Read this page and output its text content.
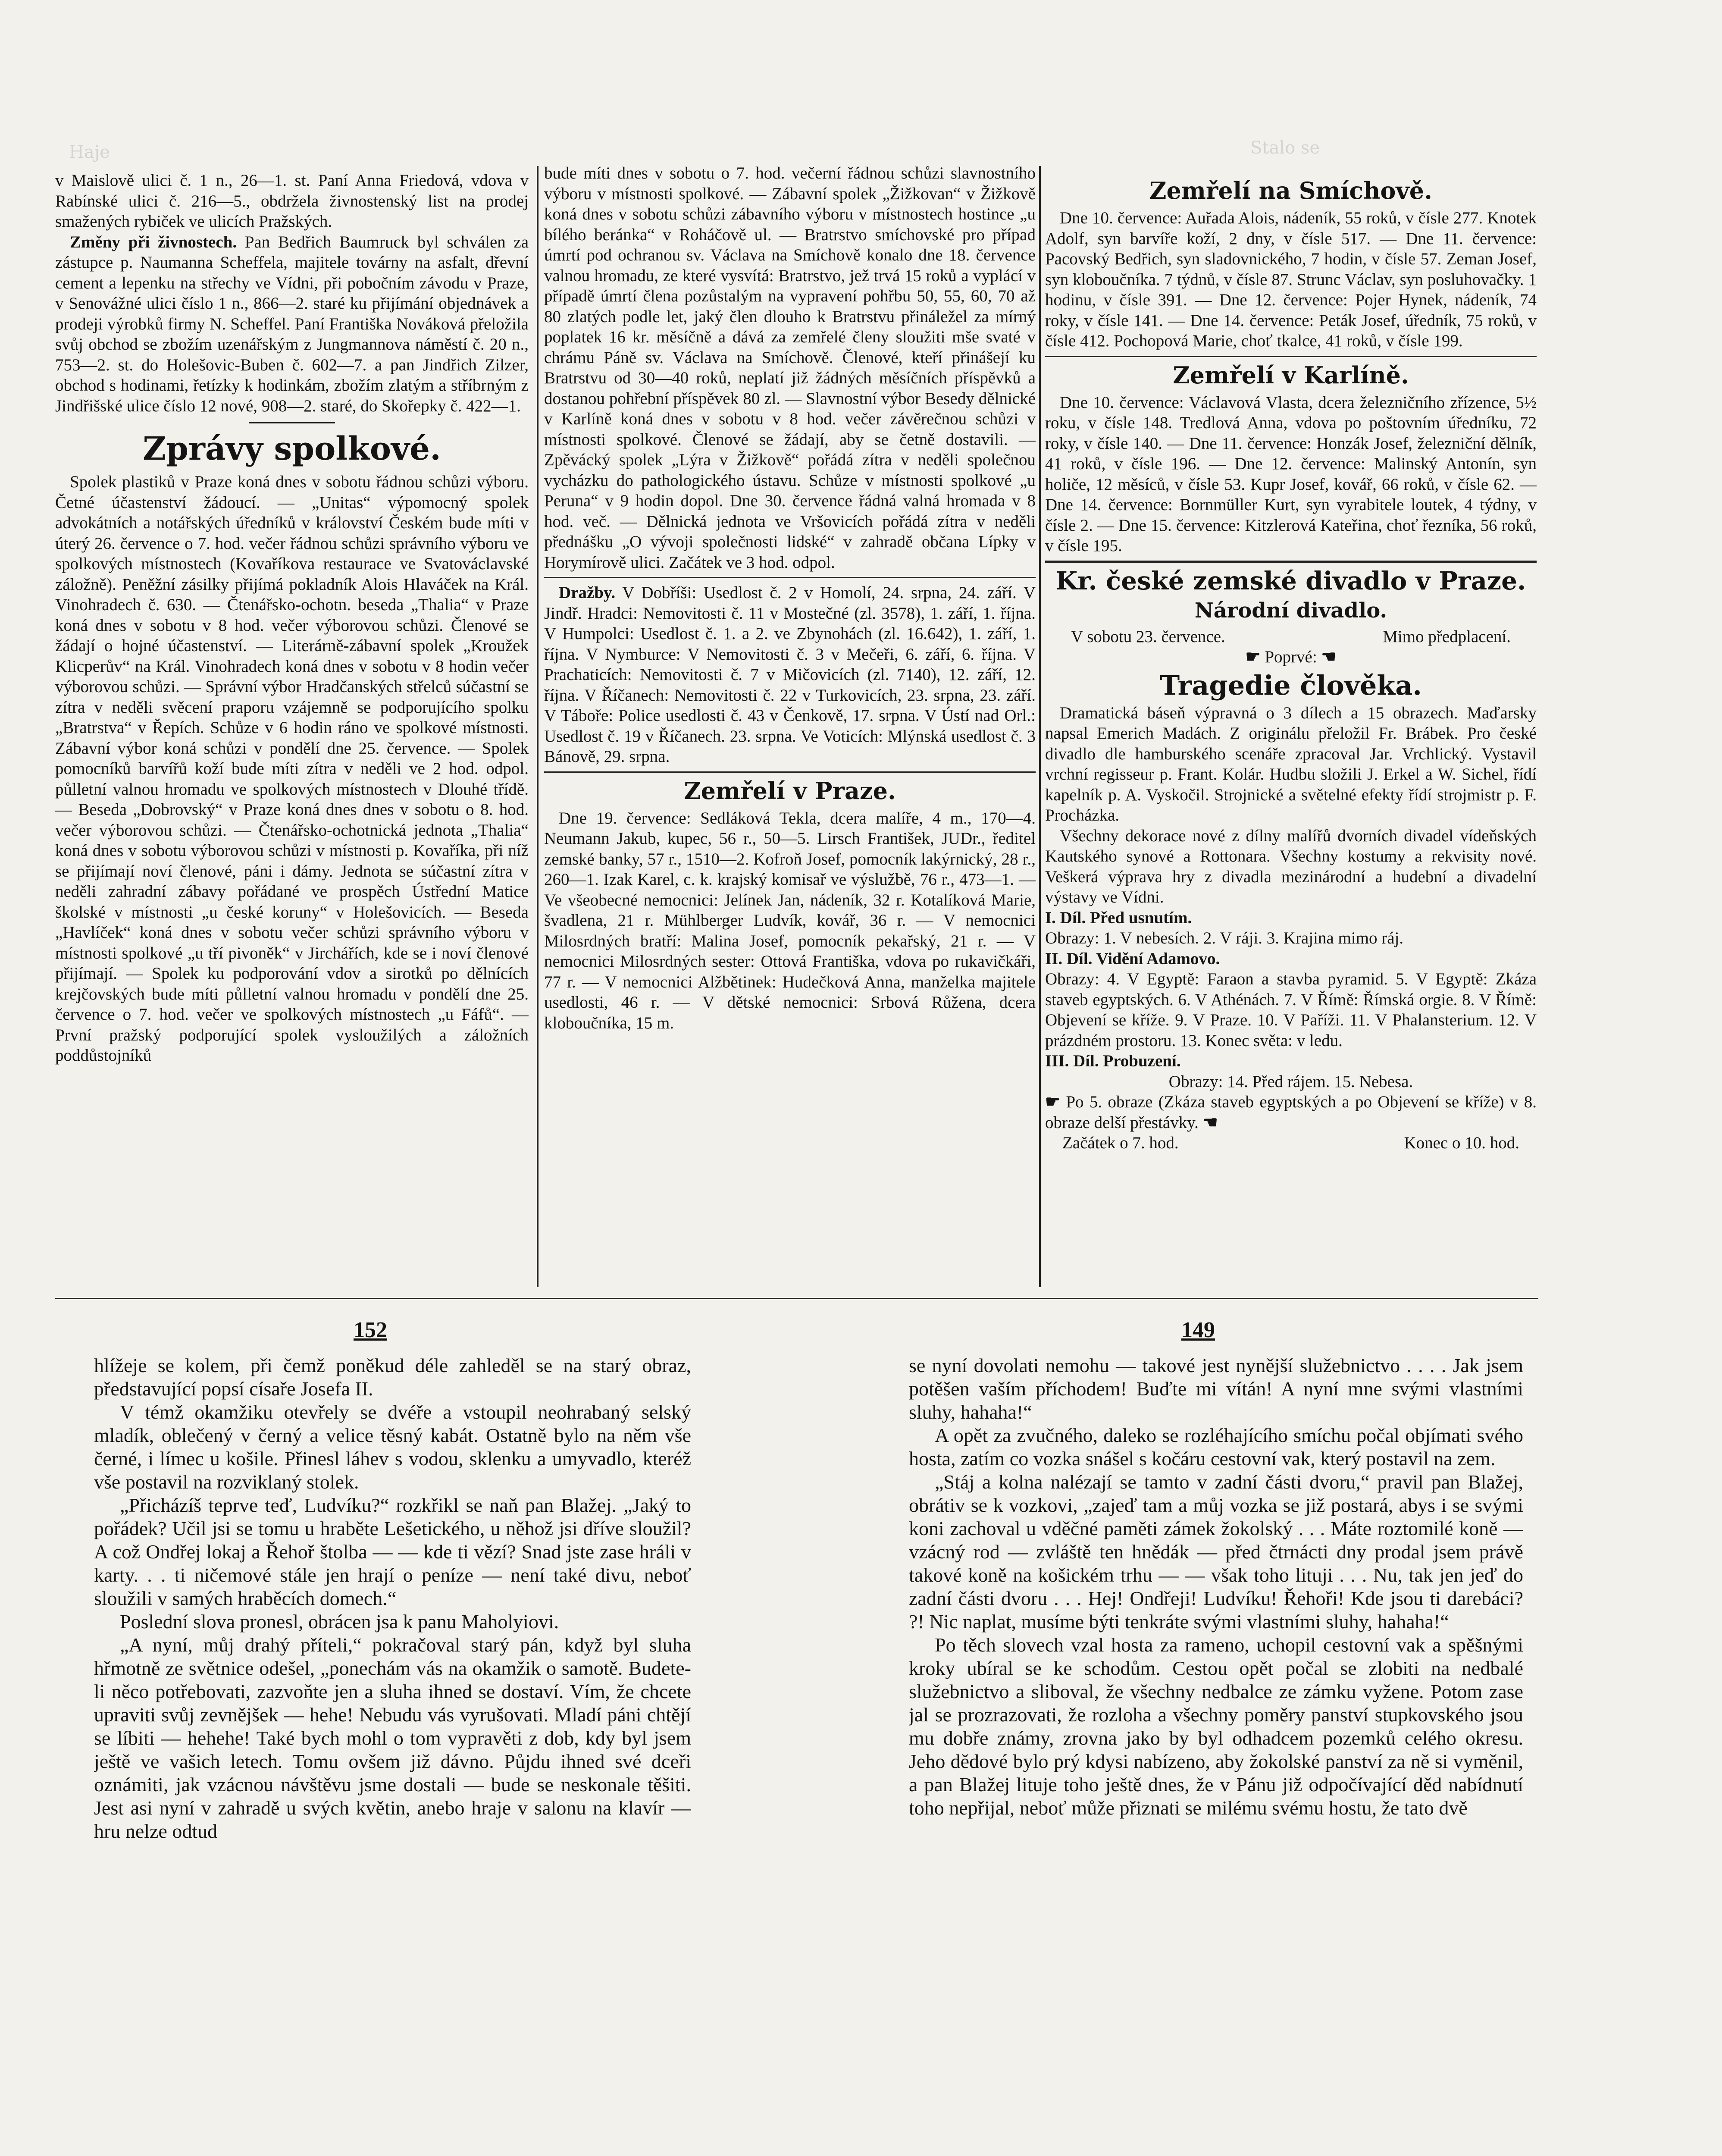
Haje	Stalo se

v Maislově ulici č. 1 n., 26—1. st. Paní Anna Friedová, vdova v Rabínské ulici č. 216—5., obdržela živnostenský list na prodej smažených rybiček ve ulicích Pražských.

Změny při živnostech. Pan Bedřich Baumruck byl schválen za zástupce p. Naumanna Scheffela, majitele továrny na asfalt, dřevní cement a lepenku na střechy ve Vídni, při pobočním závodu v Praze, v Senovážné ulici číslo 1 n., 866—2. staré ku přijímání objednávek a prodeji výrobků firmy N. Scheffel. Paní Františka Nováková přeložila svůj obchod se zbožím uzenářským z Jungmannova náměstí č. 20 n., 753—2. st. do Holešovic-Buben č. 602—7. a pan Jindřich Zilzer, obchod s hodinami, řetízky k hodinkám, zbožím zlatým a stříbrným z Jindřišské ulice číslo 12 nové, 908—2. staré, do Skořepky č. 422—1.

Zprávy spolkové.

Spolek plastiků v Praze koná dnes v sobotu řádnou schůzi výboru. Četné účastenství žádoucí. — „Unitas“ výpomocný spolek advokátních a notářských úředníků v království Českém bude míti v úterý 26. července o 7. hod. večer řádnou schůzi správního výboru ve spolkových místnostech (Kovaříkova restaurace ve Svatováclavské záložně). Peněžní zásilky přijímá pokladník Alois Hlaváček na Král. Vinohradech č. 630. — Čtenářsko-ochotn. beseda „Thalia“ v Praze koná dnes v sobotu v 8 hod. večer výborovou schůzi. Členové se žádají o hojné účastenství. — Literárně-zábavní spolek „Kroužek Klicperův“ na Král. Vinohradech koná dnes v sobotu v 8 hodin večer výborovou schůzi. — Správní výbor Hradčanských střelců súčastní se zítra v neděli svěcení praporu vzájemně se podporujícího spolku „Bratrstva“ v Řepích. Schůze v 6 hodin ráno ve spolkové místnosti. Zábavní výbor koná schůzi v pondělí dne 25. července. — Spolek pomocníků barvířů koží bude míti zítra v neděli ve 2 hod. odpol. půlletní valnou hromadu ve spolkových místnostech v Dlouhé třídě. — Beseda „Dobrovský“ v Praze koná dnes dnes v sobotu o 8. hod. večer výborovou schůzi. — Čtenářsko-ochotnická jednota „Thalia“ koná dnes v sobotu výborovou schůzi v místnosti p. Kovaříka, při níž se přijímají noví členové, páni i dámy. Jednota se súčastní zítra v neděli zahradní zábavy pořádané ve prospěch Ústřední Matice školské v místnosti „u české koruny“ v Holešovicích. — Beseda „Havlíček“ koná dnes v sobotu večer schůzi správního výboru v místnosti spolkové „u tří pivoněk“ v Jirchářích, kde se i noví členové přijímají. — Spolek ku podporování vdov a sirotků po dělnících krejčovských bude míti půlletní valnou hromadu v pondělí dne 25. července o 7. hod. večer ve spolkových místnostech „u Fáfů“. — První pražský podporující spolek vysloužilých a záložních poddůstojníků

bude míti dnes v sobotu o 7. hod. večerní řádnou schůzi slavnostního výboru v místnosti spolkové. — Zábavní spolek „Žižkovan“ v Žižkově koná dnes v sobotu schůzi zábavního výboru v místnostech hostince „u bílého beránka“ v Roháčově ul. — Bratrstvo smíchovské pro případ úmrtí pod ochranou sv. Václava na Smíchově konalo dne 18. července valnou hromadu, ze které vysvítá: Bratrstvo, jež trvá 15 roků a vyplácí v případě úmrtí člena pozůstalým na vypravení pohřbu 50, 55, 60, 70 až 80 zlatých podle let, jaký člen dlouho k Bratrstvu přináležel za mírný poplatek 16 kr. měsíčně a dává za zemřelé členy sloužiti mše svaté v chrámu Páně sv. Václava na Smíchově. Členové, kteří přinášejí ku Bratrstvu od 30—40 roků, neplatí již žádných měsíčních příspěvků a dostanou pohřební příspěvek 80 zl. — Slavnostní výbor Besedy dělnické v Karlíně koná dnes v sobotu v 8 hod. večer závěrečnou schůzi v místnosti spolkové. Členové se žádají, aby se četně dostavili. — Zpěvácký spolek „Lýra v Žižkově“ pořádá zítra v neděli společnou vycházku do pathologického ústavu. Schůze v místnosti spolkové „u Peruna“ v 9 hodin dopol. Dne 30. července řádná valná hromada v 8 hod. več. — Dělnická jednota ve Vršovicích pořádá zítra v neděli přednášku „O vývoji společnosti lidské“ v zahradě občana Lípky v Horymírově ulici. Začátek ve 3 hod. odpol.

Dražby. V Dobříši: Usedlost č. 2 v Homolí, 24. srpna, 24. září. V Jindř. Hradci: Nemovitosti č. 11 v Mostečné (zl. 3578), 1. září, 1. října. V Humpolci: Usedlost č. 1. a 2. ve Zbynohách (zl. 16.642), 1. září, 1. října. V Nymburce: V Nemovitosti č. 3 v Mečeři, 6. září, 6. října. V Prachaticích: Nemovitosti č. 7 v Mičovicích (zl. 7140), 12. září, 12. října. V Říčanech: Nemovitosti č. 22 v Turkovicích, 23. srpna, 23. září. V Táboře: Police usedlosti č. 43 v Čenkově, 17. srpna. V Ústí nad Orl.: Usedlost č. 19 v Říčanech. 23. srpna. Ve Voticích: Mlýnská usedlost č. 3 Bánově, 29. srpna.

Zemřelí v Praze.

Dne 19. července: Sedláková Tekla, dcera malíře, 4 m., 170—4. Neumann Jakub, kupec, 56 r., 50—5. Lirsch František, JUDr., ředitel zemské banky, 57 r., 1510—2. Kofroň Josef, pomocník lakýrnický, 28 r., 260—1. Izak Karel, c. k. krajský komisař ve výslužbě, 76 r., 473—1. — Ve všeobecné nemocnici: Jelínek Jan, nádeník, 32 r. Kotalíková Marie, švadlena, 21 r. Mühlberger Ludvík, kovář, 36 r. — V nemocnici Milosrdných bratří: Malina Josef, pomocník pekařský, 21 r. — V nemocnici Milosrdných sester: Ottová Františka, vdova po rukavičkáři, 77 r. — V nemocnici Alžbětinek: Hudečková Anna, manželka majitele usedlosti, 46 r. — V dětské nemocnici: Srbová Růžena, dcera kloboučníka, 15 m.

Zemřelí na Smíchově.

Dne 10. července: Auřada Alois, nádeník, 55 roků, v čísle 277. Knotek Adolf, syn barvíře koží, 2 dny, v čísle 517. — Dne 11. července: Pacovský Bedřich, syn sladovnického, 7 hodin, v čísle 57. Zeman Josef, syn kloboučníka. 7 týdnů, v čísle 87. Strunc Václav, syn posluhovačky. 1 hodinu, v čísle 391. — Dne 12. července: Pojer Hynek, nádeník, 74 roky, v čísle 141. — Dne 14. července: Peták Josef, úředník, 75 roků, v čísle 412. Pochopová Marie, choť tkalce, 41 roků, v čísle 199.

Zemřelí v Karlíně.

Dne 10. července: Václavová Vlasta, dcera železničního zřízence, 5½ roku, v čísle 148. Tredlová Anna, vdova po poštovním úředníku, 72 roky, v čísle 140. — Dne 11. července: Honzák Josef, železniční dělník, 41 roků, v čísle 196. — Dne 12. července: Malinský Antonín, syn holiče, 12 měsíců, v čísle 53. Kupr Josef, kovář, 66 roků, v čísle 62. — Dne 14. července: Bornmüller Kurt, syn vyrabitele loutek, 4 týdny, v čísle 2. — Dne 15. července: Kitzlerová Kateřina, choť řezníka, 56 roků, v čísle 195.

Kr. české zemské divadlo v Praze.
Národní divadlo.

V sobotu 23. července.	Mimo předplacení.

☛ Poprvé: ☚

Tragedie člověka.

Dramatická báseň výpravná o 3 dílech a 15 obrazech. Maďarsky napsal Emerich Madách. Z originálu přeložil Fr. Brábek. Pro české divadlo dle hamburského scenáře zpracoval Jar. Vrchlický. Vystavil vrchní regisseur p. Frant. Kolár. Hudbu složili J. Erkel a W. Sichel, řídí kapelník p. A. Vyskočil. Strojnické a světelné efekty řídí strojmistr p. F. Procházka.

Všechny dekorace nové z dílny malířů dvorních divadel vídeňských Kautského synové a Rottonara. Všechny kostumy a rekvisity nové. Veškerá výprava hry z divadla mezinárodní a hudební a divadelní výstavy ve Vídni.

I. Díl. Před usnutím.

Obrazy: 1. V nebesích. 2. V ráji. 3. Krajina mimo ráj.

II. Díl. Vidění Adamovo.

Obrazy: 4. V Egyptě: Faraon a stavba pyramid. 5. V Egyptě: Zkáza staveb egyptských. 6. V Athénách. 7. V Římě: Římská orgie. 8. V Římě: Objevení se kříže. 9. V Praze. 10. V Paříži. 11. V Phalansterium. 12. V prázdném prostoru. 13. Konec světa: v ledu.

III. Díl. Probuzení.

Obrazy: 14. Před rájem. 15. Nebesa.

☛ Po 5. obraze (Zkáza staveb egyptských a po Objevení se kříže) v 8. obraze delší přestávky. ☚

Začátek o 7. hod.	Konec o 10. hod.

152	149

hlížeje se kolem, při čemž poněkud déle zahleděl se na starý obraz, představující popsí císaře Josefa II.

V témž okamžiku otevřely se dvéře a vstoupil neohrabaný selský mladík, oblečený v černý a velice těsný kabát. Ostatně bylo na něm vše černé, i límec u košile. Přinesl láhev s vodou, sklenku a umyvadlo, kteréž vše postavil na rozviklaný stolek.

„Přicházíš teprve teď, Ludvíku?“ rozkřikl se naň pan Blažej. „Jaký to pořádek? Učil jsi se tomu u hraběte Lešetického, u něhož jsi dříve sloužil? A což Ondřej lokaj a Řehoř štolba — — kde ti vězí? Snad jste zase hráli v karty. . . ti ničemové stále jen hrají o peníze — není také divu, neboť sloužili v samých hraběcích domech.“

Poslední slova pronesl, obrácen jsa k panu Maholyiovi.

„A nyní, můj drahý příteli,“ pokračoval starý pán, když byl sluha hřmotně ze světnice odešel, „ponechám vás na okamžik o samotě. Budete-li něco potřebovati, zazvoňte jen a sluha ihned se dostaví. Vím, že chcete upraviti svůj zevnějšek — hehe! Nebudu vás vyrušovati. Mladí páni chtějí se líbiti — hehehe! Také bych mohl o tom vypravěti z dob, kdy byl jsem ještě ve vašich letech. Tomu ovšem již dávno. Půjdu ihned své dceři oznámiti, jak vzácnou návštěvu jsme dostali — bude se neskonale těšiti. Jest asi nyní v zahradě u svých květin, anebo hraje v salonu na klavír — hru nelze odtud

se nyní dovolati nemohu — takové jest nynější služebnictvo . . . . Jak jsem potěšen vaším příchodem! Buďte mi vítán! A nyní mne svými vlastními sluhy, hahaha!“

A opět za zvučného, daleko se rozléhajícího smíchu počal objímati svého hosta, zatím co vozka snášel s kočáru cestovní vak, který postavil na zem.

„Stáj a kolna nalézají se tamto v zadní části dvoru,“ pravil pan Blažej, obrátiv se k vozkovi, „zajeď tam a můj vozka se již postará, abys i se svými koni zachoval u vděčné paměti zámek žokolský . . . Máte roztomilé koně — vzácný rod — zvláště ten hnědák — před čtrnácti dny prodal jsem právě takové koně na košickém trhu — — však toho lituji . . . Nu, tak jen jeď do zadní části dvoru . . . Hej! Ondřeji! Ludvíku! Řehoři! Kde jsou ti darebáci? ?! Nic naplat, musíme býti tenkráte svými vlastními sluhy, hahaha!“

Po těch slovech vzal hosta za rameno, uchopil cestovní vak a spěšnými kroky ubíral se ke schodům. Cestou opět počal se zlobiti na nedbalé služebnictvo a sliboval, že všechny nedbalce ze zámku vyžene. Potom zase jal se prozrazovati, že rozloha a všechny poměry panství stupkovského jsou mu dobře známy, zrovna jako by byl odhadcem pozemků celého okresu. Jeho dědové bylo prý kdysi nabízeno, aby žokolské panství za ně si vyměnil, a pan Blažej lituje toho ještě dnes, že v Pánu již odpočívající děd nabídnutí toho nepřijal, neboť může přiznati se milému svému hostu, že tato dvě
